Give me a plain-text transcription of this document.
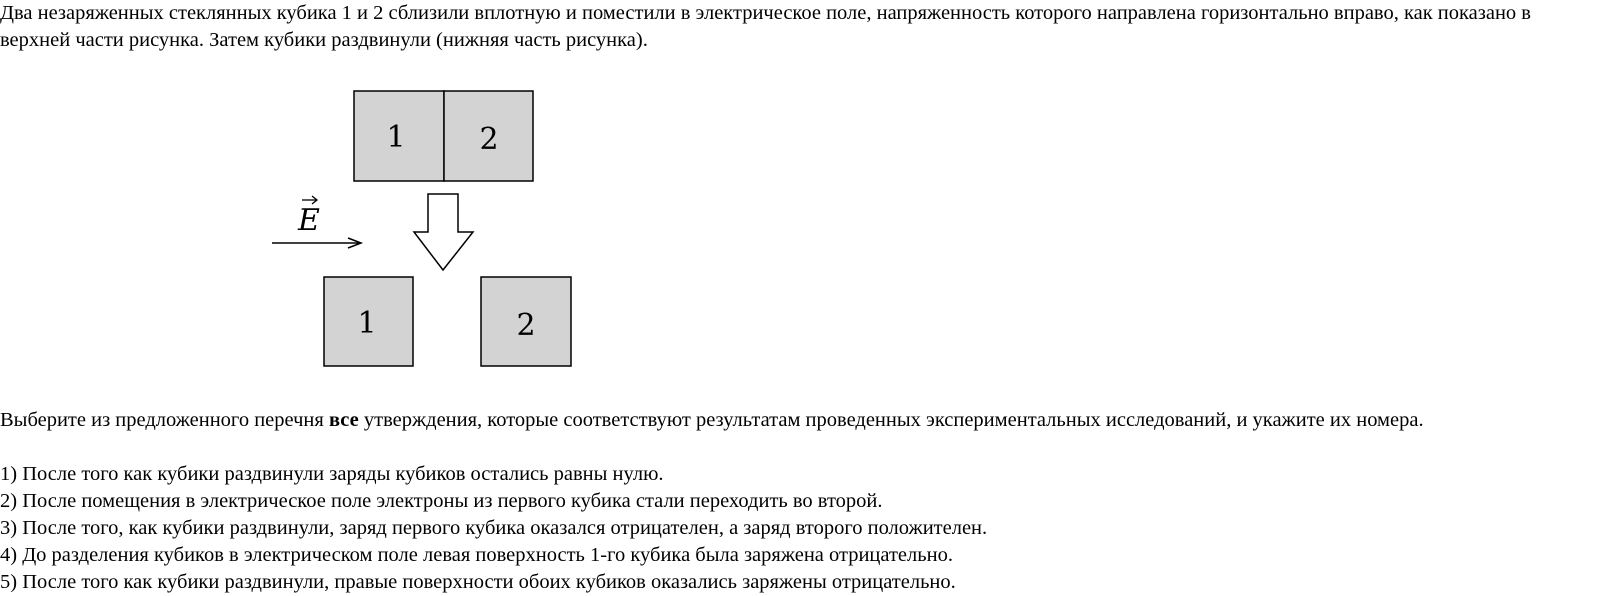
Два незаряженных стеклянных кубика 1 и 2 сблизили вплотную и поместили в электрическое поле, напряженность которого направлена горизонтально вправо, как показано в верхней части рисунка. Затем кубики раздвинули (нижняя часть рисунка).

1 2
E
1	2

Выберите из предложенного перечня все утверждения, которые соответствуют результатам проведенных экспериментальных исследований, и укажите их номера.

1) После того как кубики раздвинули заряды кубиков остались равны нулю.
2) После помещения в электрическое поле электроны из первого кубика стали переходить во второй.
3) После того, как кубики раздвинули, заряд первого кубика оказался отрицателен, а заряд второго положителен.
4) До разделения кубиков в электрическом поле левая поверхность 1-го кубика была заряжена отрицательно.
5) После того как кубики раздвинули, правые поверхности обоих кубиков оказались заряжены отрицательно.
